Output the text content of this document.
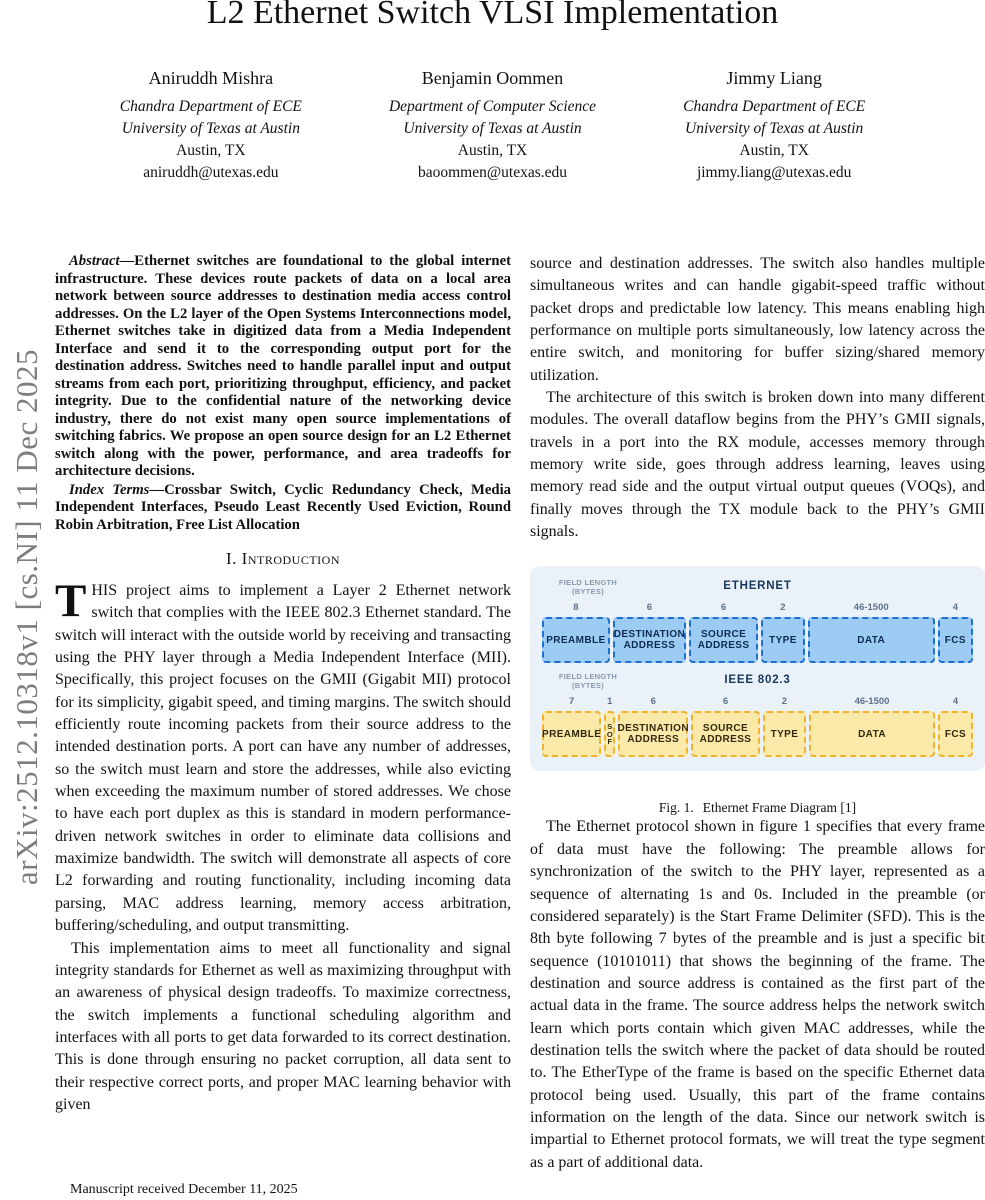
arXiv:2512.10318v1 [cs.NI] 11 Dec 2025
L2 Ethernet Switch VLSI Implementation
Aniruddh Mishra
Chandra Department of ECE
University of Texas at Austin
Austin, TX
aniruddh@utexas.edu
Benjamin Oommen
Department of Computer Science
University of Texas at Austin
Austin, TX
baoommen@utexas.edu
Jimmy Liang
Chandra Department of ECE
University of Texas at Austin
Austin, TX
jimmy.liang@utexas.edu

Abstract—Ethernet switches are foundational to the global internet infrastructure. These devices route packets of data on a local area network between source addresses to destination media access control addresses. On the L2 layer of the Open Systems Interconnections model, Ethernet switches take in digitized data from a Media Independent Interface and send it to the corresponding output port for the destination address. Switches need to handle parallel input and output streams from each port, prioritizing throughput, efficiency, and packet integrity. Due to the confidential nature of the networking device industry, there do not exist many open source implementations of switching fabrics. We propose an open source design for an L2 Ethernet switch along with the power, performance, and area tradeoffs for architecture decisions.

Index Terms—Crossbar Switch, Cyclic Redundancy Check, Media Independent Interfaces, Pseudo Least Recently Used Eviction, Round Robin Arbitration, Free List Allocation

I. Introduction

THIS project aims to implement a Layer 2 Ethernet network switch that complies with the IEEE 802.3 Ethernet standard. The switch will interact with the outside world by receiving and transacting using the PHY layer through a Media Independent Interface (MII). Specifically, this project focuses on the GMII (Gigabit MII) protocol for its simplicity, gigabit speed, and timing margins. The switch should efficiently route incoming packets from their source address to the intended destination ports. A port can have any number of addresses, so the switch must learn and store the addresses, while also evicting when exceeding the maximum number of stored addresses. We chose to have each port duplex as this is standard in modern performance-driven network switches in order to eliminate data collisions and maximize bandwidth. The switch will demonstrate all aspects of core L2 forwarding and routing functionality, including incoming data parsing, MAC address learning, memory access arbitration, buffering/scheduling, and output transmitting.

This implementation aims to meet all functionality and signal integrity standards for Ethernet as well as maximizing throughput with an awareness of physical design tradeoffs. To maximize correctness, the switch implements a functional scheduling algorithm and interfaces with all ports to get data forwarded to its correct destination. This is done through ensuring no packet corruption, all data sent to their respective correct ports, and proper MAC learning behavior with given

source and destination addresses. The switch also handles multiple simultaneous writes and can handle gigabit-speed traffic without packet drops and predictable low latency. This means enabling high performance on multiple ports simultaneously, low latency across the entire switch, and monitoring for buffer sizing/shared memory utilization.

The architecture of this switch is broken down into many different modules. The overall dataflow begins from the PHY’s GMII signals, travels in a port into the RX module, accesses memory through memory write side, goes through address learning, leaves using memory read side and the output virtual output queues (VOQs), and finally moves through the TX module back to the PHY’s GMII signals.

FIELD LENGTH
(BYTES)	ETHERNET
8
PREAMBLE
6
DESTINATION ADDRESS
6
SOURCE ADDRESS
2
TYPE
46-1500
DATA
4
FCS
FIELD LENGTH
(BYTES)	IEEE 802.3
7
PREAMBLE
1
S
O
F
6
DESTINATION ADDRESS
6
SOURCE ADDRESS
2
TYPE
46-1500
DATA
4
FCS

Fig. 1. Ethernet Frame Diagram [1]

The Ethernet protocol shown in figure 1 specifies that every frame of data must have the following: The preamble allows for synchronization of the switch to the PHY layer, represented as a sequence of alternating 1s and 0s. Included in the preamble (or considered separately) is the Start Frame Delimiter (SFD). This is the 8th byte following 7 bytes of the preamble and is just a specific bit sequence (10101011) that shows the beginning of the frame. The destination and source address is contained as the first part of the actual data in the frame. The source address helps the network switch learn which ports contain which given MAC addresses, while the destination tells the switch where the packet of data should be routed to. The EtherType of the frame is based on the specific Ethernet data protocol being used. Usually, this part of the frame contains information on the length of the data. Since our network switch is impartial to Ethernet protocol formats, we will treat the type segment as a part of additional data.

Manuscript received December 11, 2025
